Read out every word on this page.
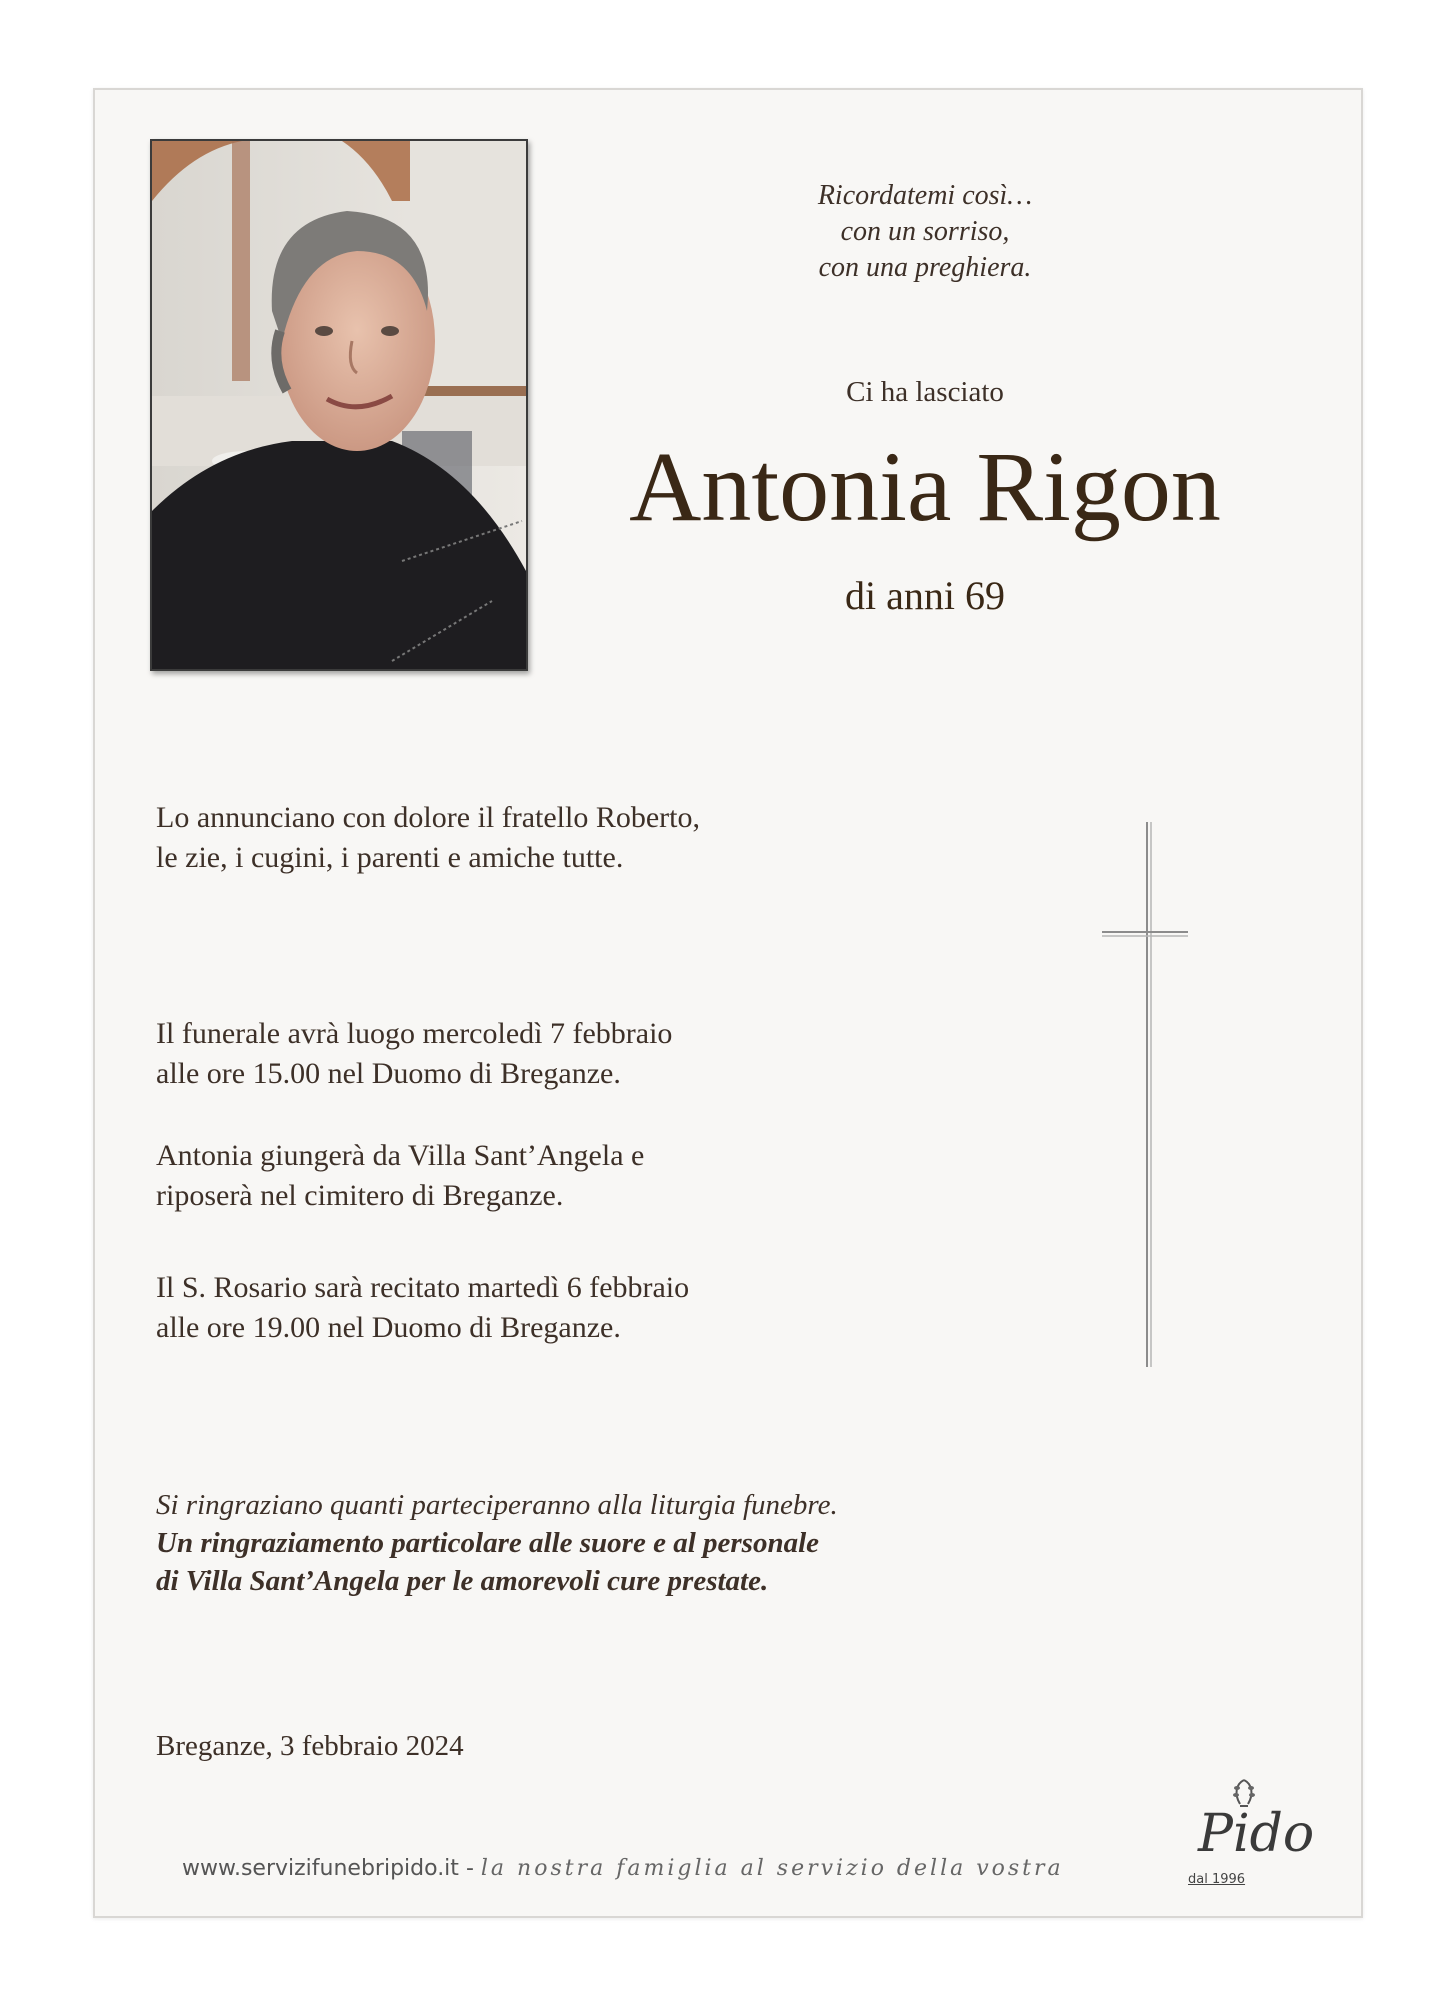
Ricordatemi così…
con un sorriso,
con una preghiera.
Ci ha lasciato
Antonia Rigon
di anni 69
Lo annunciano con dolore il fratello Roberto,
le zie, i cugini, i parenti e amiche tutte.
Il funerale avrà luogo mercoledì 7 febbraio
alle ore 15.00 nel Duomo di Breganze.
Antonia giungerà da Villa Sant’Angela e
riposerà nel cimitero di Breganze.
Il S. Rosario sarà recitato martedì 6 febbraio
alle ore 19.00 nel Duomo di Breganze.
Si ringraziano quanti parteciperanno alla liturgia funebre.
Un ringraziamento particolare alle suore e al personale
di Villa Sant’Angela per le amorevoli cure prestate.
Breganze, 3 febbraio 2024
www.servizifunebripido.it - la nostra famiglia al servizio della vostra
Pido
dal 1996
